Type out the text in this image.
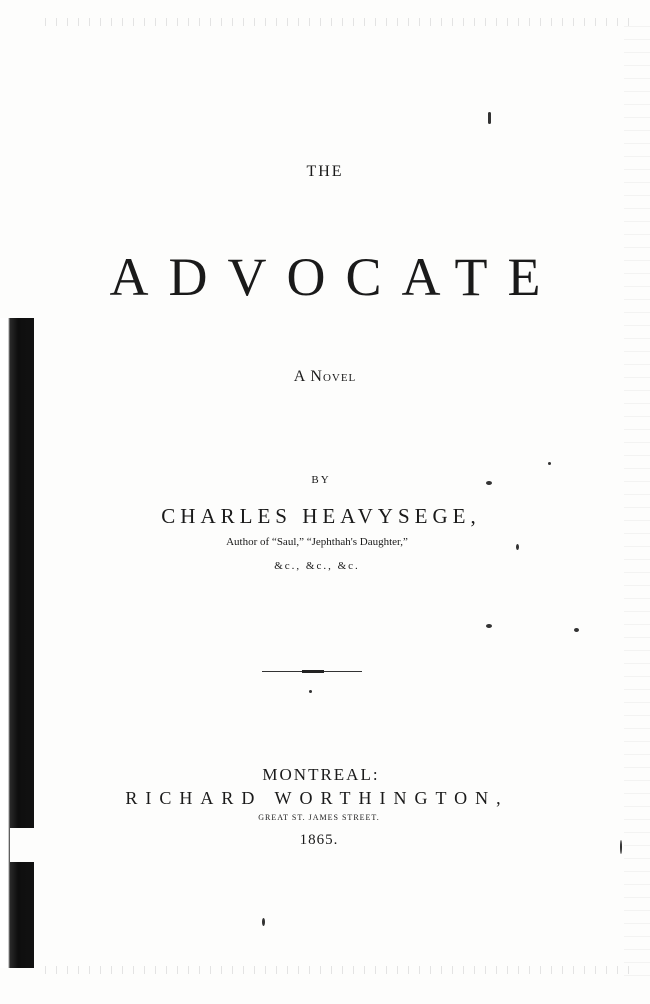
THE
ADVOCATE
A Novel
BY
CHARLES HEAVYSEGE,
Author of “Saul,” “Jephthah's Daughter,”
&c., &c., &c.
MONTREAL:
RICHARD WORTHINGTON,
GREAT ST. JAMES STREET.
1865.
